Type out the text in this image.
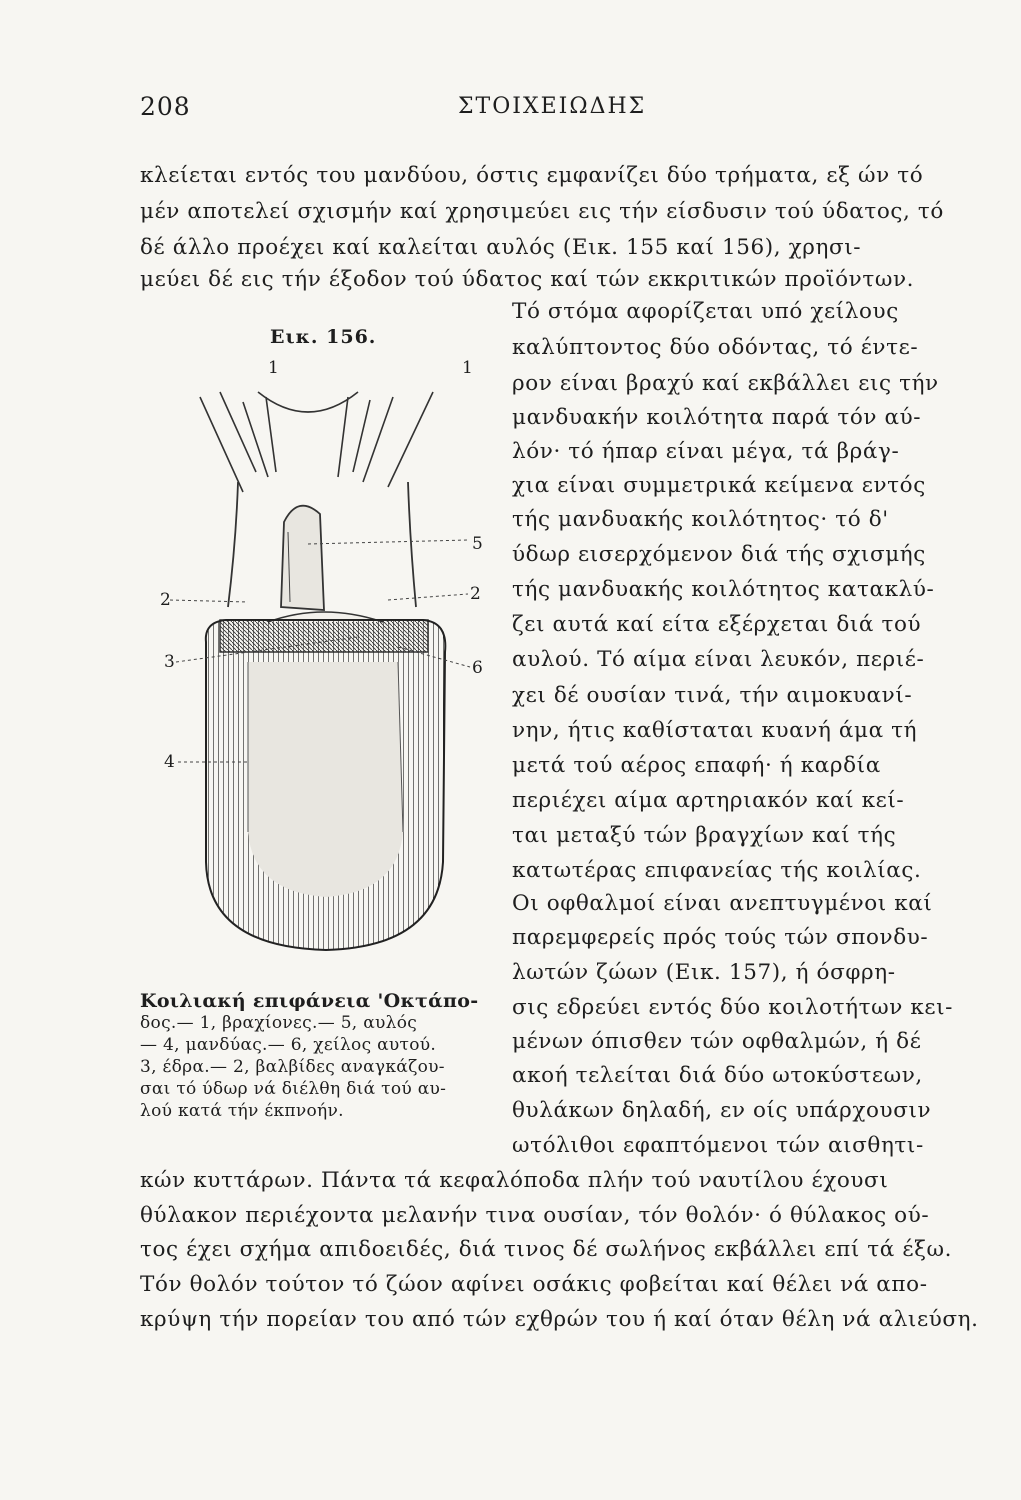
208	ΣΤΟΙΧΕΙΩΔΗΣ
κλείεται εντός του μανδύου, όστις εμφανίζει δύο τρήματα, εξ ών τό
μέν αποτελεί σχισμήν καί χρησιμεύει εις τήν είσδυσιν τού ύδατος, τό
δέ άλλο προέχει καί καλείται αυλός (Εικ. 155 καί 156), χρησι-
μεύει δέ εις τήν έξοδον τού ύδατος καί τών εκκριτικών προϊόντων.
Τό στόμα αφορίζεται υπό χείλους
καλύπτοντος δύο οδόντας, τό έντε-
ρον είναι βραχύ καί εκβάλλει εις τήν
μανδυακήν κοιλότητα παρά τόν αύ-
λόν· τό ήπαρ είναι μέγα, τά βράγ-
χια είναι συμμετρικά κείμενα εντός
τής μανδυακής κοιλότητος· τό δ'
ύδωρ εισερχόμενον διά τής σχισμής
τής μανδυακής κοιλότητος κατακλύ-
ζει αυτά καί είτα εξέρχεται διά τού
αυλού. Τό αίμα είναι λευκόν, περιέ-
χει δέ ουσίαν τινά, τήν αιμοκυανί-
νην, ήτις καθίσταται κυανή άμα τή
μετά τού αέρος επαφή· ή καρδία
περιέχει αίμα αρτηριακόν καί κεί-
ται μεταξύ τών βραγχίων καί τής
κατωτέρας επιφανείας τής κοιλίας.
Οι οφθαλμοί είναι ανεπτυγμένοι καί
παρεμφερείς πρός τούς τών σπονδυ-
λωτών ζώων (Εικ. 157), ή όσφρη-
σις εδρεύει εντός δύο κοιλοτήτων κει-
μένων όπισθεν τών οφθαλμών, ή δέ
ακοή τελείται διά δύο ωτοκύστεων,
θυλάκων δηλαδή, εν οίς υπάρχουσιν
ωτόλιθοι εφαπτόμενοι τών αισθητι-
κών κυττάρων. Πάντα τά κεφαλόποδα πλήν τού ναυτίλου έχουσι
θύλακον περιέχοντα μελανήν τινα ουσίαν, τόν θολόν· ό θύλακος ού-
τος έχει σχήμα απιδοειδές, διά τινος δέ σωλήνος εκβάλλει επί τά έξω.
Τόν θολόν τούτον τό ζώον αφίνει οσάκις φοβείται καί θέλει νά απο-
κρύψη τήν πορείαν του από τών εχθρών του ή καί όταν θέλη νά αλιεύση.
Εικ. 156.
1	1
5
2
2
3	6
4
Κοιλιακή επιφάνεια 'Οκτάπο-
δος.— 1, βραχίονες.— 5, αυλός
— 4, μανδύας.— 6, χείλος αυτού.
3, έδρα.— 2, βαλβίδες αναγκάζου-
σαι τό ύδωρ νά διέλθη διά τού αυ-
λού κατά τήν έκπνοήν.
